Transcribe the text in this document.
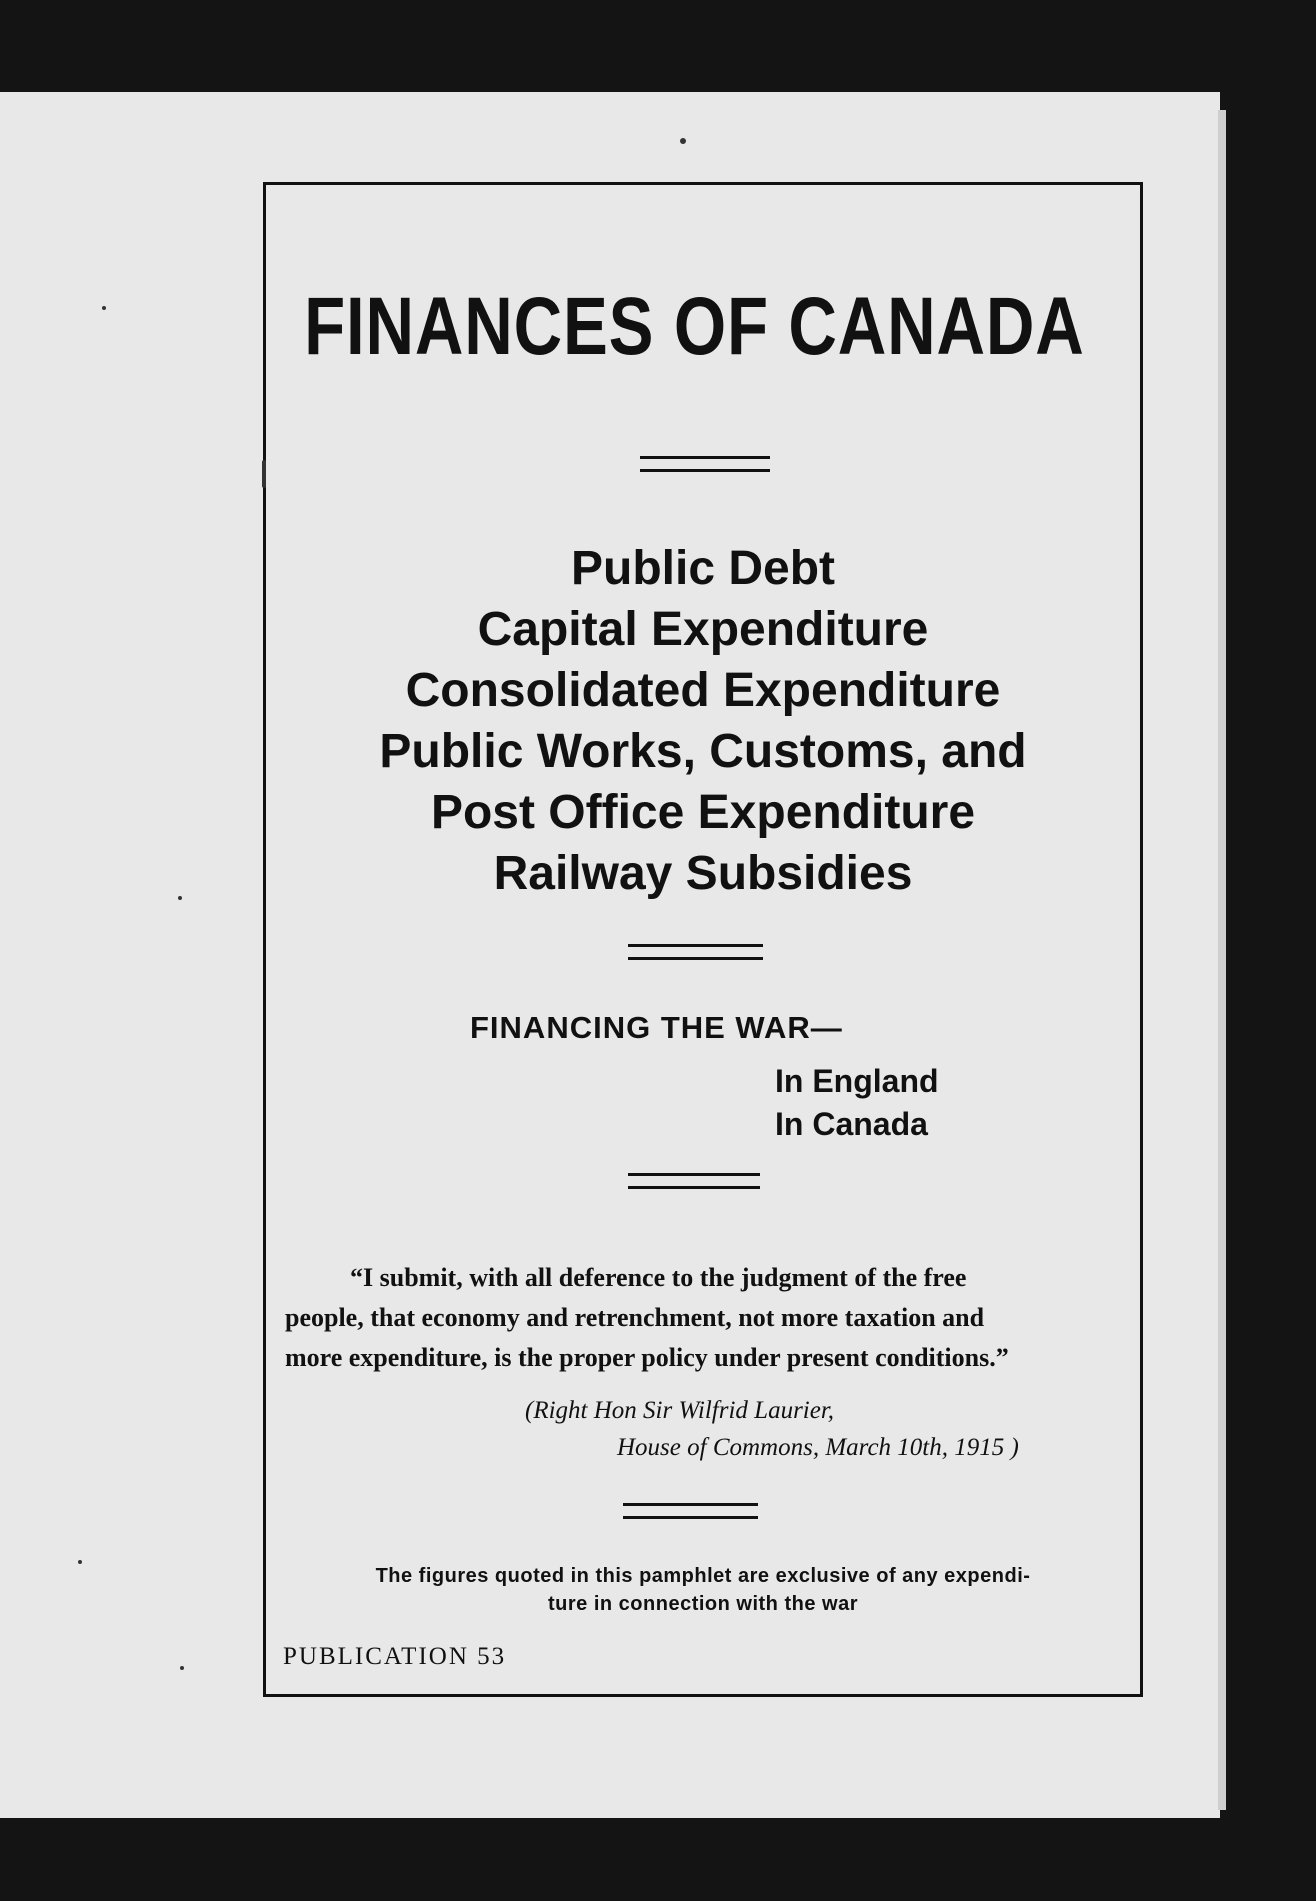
FINANCES OF CANADA
Public Debt
Capital Expenditure
Consolidated Expenditure
Public Works, Customs, and
Post Office Expenditure
Railway Subsidies
FINANCING THE WAR—
In England
In Canada
“I submit, with all deference to the judgment of the free
people, that economy and retrenchment, not more taxation and
more expenditure, is the proper policy under present conditions.”
(Right Hon Sir Wilfrid Laurier,
House of Commons, March 10th, 1915 )
The figures quoted in this pamphlet are exclusive of any expendi-
ture in connection with the war
PUBLICATION 53
